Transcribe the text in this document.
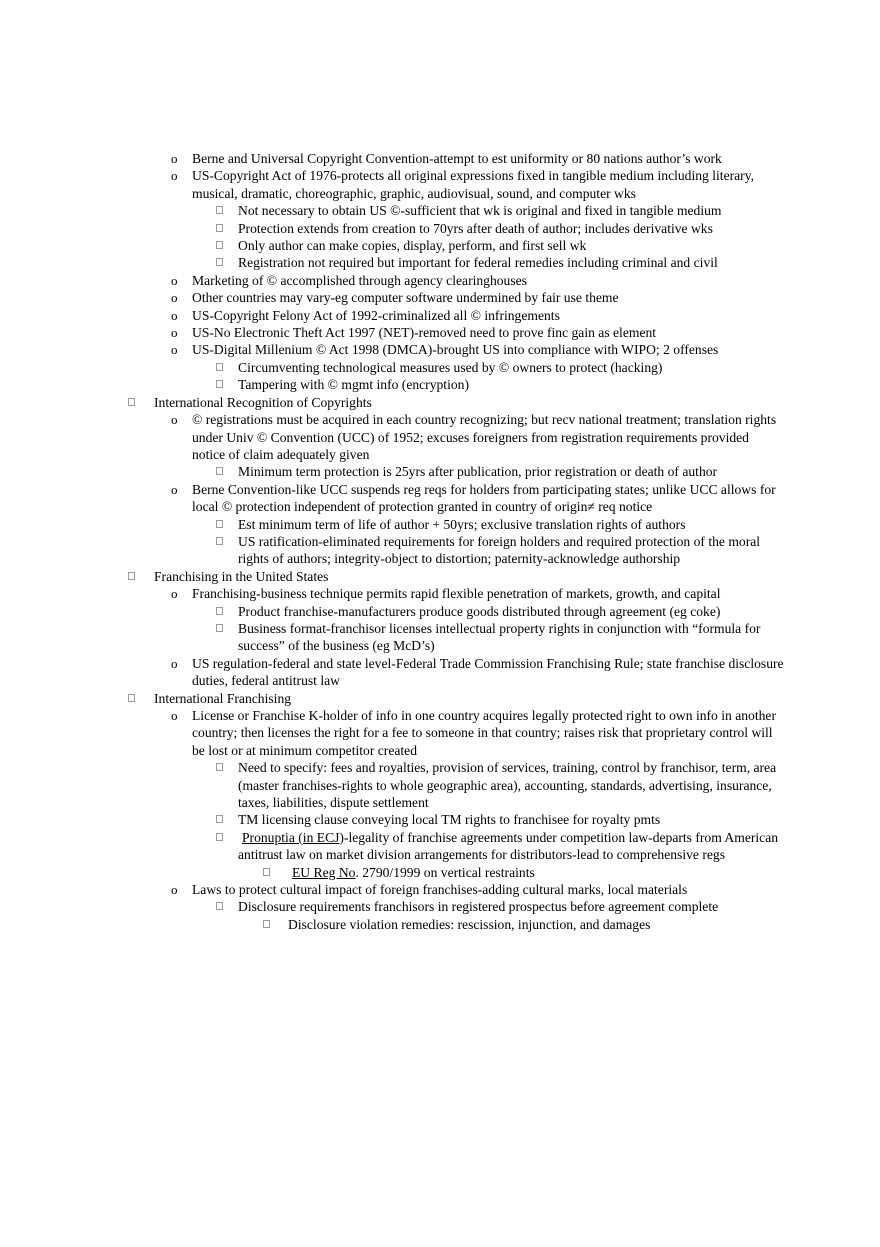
o Berne and Universal Copyright Convention-attempt to est uniformity or 80 nations author’s work
o US-Copyright Act of 1976-protects all original expressions fixed in tangible medium including literary, musical, dramatic, choreographic, graphic, audiovisual, sound, and computer wks
Not necessary to obtain US ©-sufficient that wk is original and fixed in tangible medium
Protection extends from creation to 70yrs after death of author; includes derivative wks
Only author can make copies, display, perform, and first sell wk
Registration not required but important for federal remedies including criminal and civil
o Marketing of © accomplished through agency clearinghouses
o Other countries may vary-eg computer software undermined by fair use theme
o US-Copyright Felony Act of 1992-criminalized all © infringements
o US-No Electronic Theft Act 1997 (NET)-removed need to prove finc gain as element
o US-Digital Millenium © Act 1998 (DMCA)-brought US into compliance with WIPO; 2 offenses
Circumventing technological measures used by © owners to protect (hacking)
Tampering with © mgmt info (encryption)
International Recognition of Copyrights
o © registrations must be acquired in each country recognizing; but recv national treatment; translation rights under Univ © Convention (UCC) of 1952; excuses foreigners from registration requirements provided notice of claim adequately given
Minimum term protection is 25yrs after publication, prior registration or death of author
o Berne Convention-like UCC suspends reg reqs for holders from participating states; unlike UCC allows for local © protection independent of protection granted in country of origin≠ req notice
Est minimum term of life of author + 50yrs; exclusive translation rights of authors
US ratification-eliminated requirements for foreign holders and required protection of the moral rights of authors; integrity-object to distortion; paternity-acknowledge authorship
Franchising in the United States
o Franchising-business technique permits rapid flexible penetration of markets, growth, and capital
Product franchise-manufacturers produce goods distributed through agreement (eg coke)
Business format-franchisor licenses intellectual property rights in conjunction with “formula for success” of the business (eg McD’s)
o US regulation-federal and state level-Federal Trade Commission Franchising Rule; state franchise disclosure duties, federal antitrust law
International Franchising
o License or Franchise K-holder of info in one country acquires legally protected right to own info in another country; then licenses the right for a fee to someone in that country; raises risk that proprietary control will be lost or at minimum competitor created
Need to specify: fees and royalties, provision of services, training, control by franchisor, term, area (master franchises-rights to whole geographic area), accounting, standards, advertising, insurance, taxes, liabilities, dispute settlement
TM licensing clause conveying local TM rights to franchisee for royalty pmts
Pronuptia (in ECJ)-legality of franchise agreements under competition law-departs from American antitrust law on market division arrangements for distributors-lead to comprehensive regs
EU Reg No. 2790/1999 on vertical restraints
o Laws to protect cultural impact of foreign franchises-adding cultural marks, local materials
Disclosure requirements franchisors in registered prospectus before agreement complete
Disclosure violation remedies: rescission, injunction, and damages
